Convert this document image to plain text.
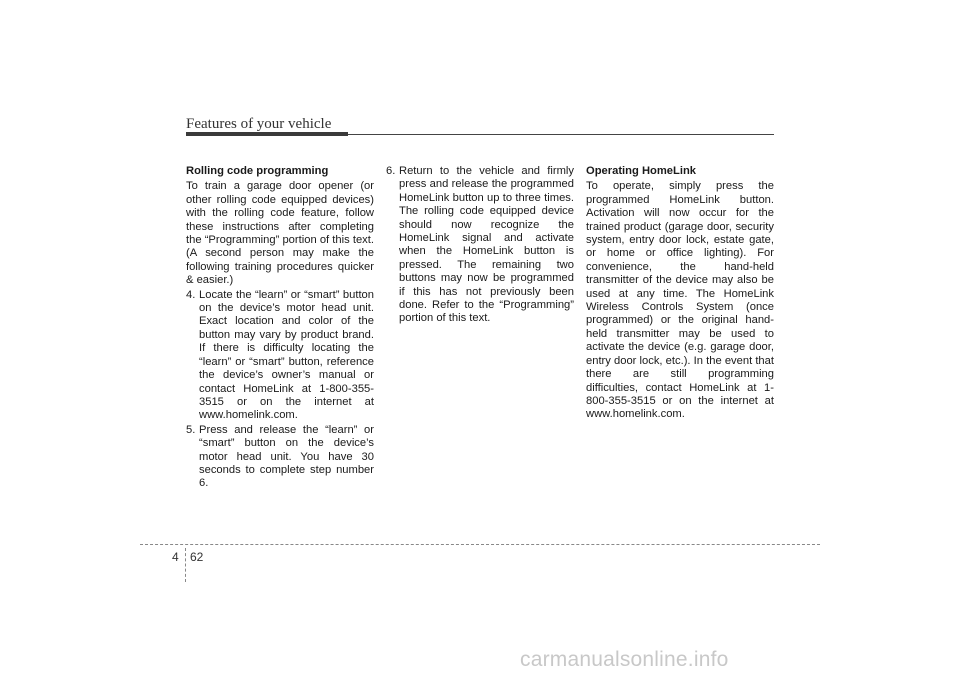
Features of your vehicle
Rolling code programming
To train a garage door opener (or other rolling code equipped devices) with the rolling code feature, follow these instructions after completing the “Programming” portion of this text. (A second person may make the following training procedures quicker & easier.)
4. Locate the “learn” or “smart” button on the device’s motor head unit. Exact location and color of the button may vary by product brand. If there is difficulty locating the “learn” or “smart” button, reference the device’s owner’s manual or contact HomeLink at 1-800-355-3515 or on the internet at www.homelink.com.
5. Press and release the “learn” or “smart” button on the device’s motor head unit. You have 30 seconds to complete step number 6.
6. Return to the vehicle and firmly press and release the programmed HomeLink button up to three times. The rolling code equipped device should now recognize the HomeLink signal and activate when the HomeLink button is pressed. The remaining two buttons may now be programmed if this has not previously been done. Refer to the “Programming” portion of this text.
Operating HomeLink
To operate, simply press the programmed HomeLink button. Activation will now occur for the trained product (garage door, security system, entry door lock, estate gate, or home or office lighting). For convenience, the hand-held transmitter of the device may also be used at any time. The HomeLink Wireless Controls System (once programmed) or the original hand-held transmitter may be used to activate the device (e.g. garage door, entry door lock, etc.). In the event that there are still programming difficulties, contact HomeLink at 1-800-355-3515 or on the internet at www.homelink.com.
4 62
carmanualsonline.info
